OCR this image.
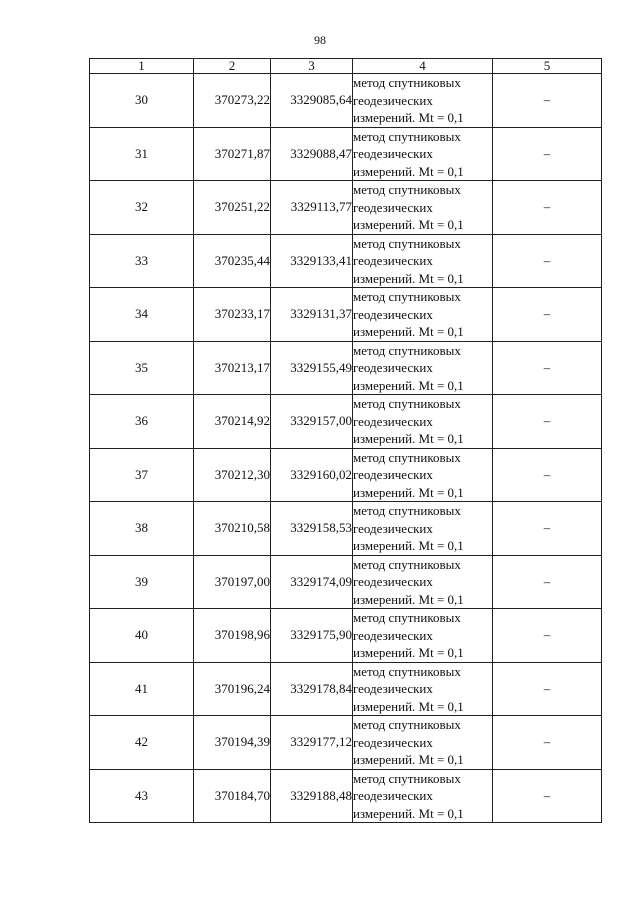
98
1	2	3	4	5
30	370273,22	3329085,64	метод спутниковых
геодезических
измерений. Mt = 0,1	–
31	370271,87	3329088,47	метод спутниковых
геодезических
измерений. Mt = 0,1	–
32	370251,22	3329113,77	метод спутниковых
геодезических
измерений. Mt = 0,1	–
33	370235,44	3329133,41	метод спутниковых
геодезических
измерений. Mt = 0,1	–
34	370233,17	3329131,37	метод спутниковых
геодезических
измерений. Mt = 0,1	–
35	370213,17	3329155,49	метод спутниковых
геодезических
измерений. Mt = 0,1	–
36	370214,92	3329157,00	метод спутниковых
геодезических
измерений. Mt = 0,1	–
37	370212,30	3329160,02	метод спутниковых
геодезических
измерений. Mt = 0,1	–
38	370210,58	3329158,53	метод спутниковых
геодезических
измерений. Mt = 0,1	–
39	370197,00	3329174,09	метод спутниковых
геодезических
измерений. Mt = 0,1	–
40	370198,96	3329175,90	метод спутниковых
геодезических
измерений. Mt = 0,1	–
41	370196,24	3329178,84	метод спутниковых
геодезических
измерений. Mt = 0,1	–
42	370194,39	3329177,12	метод спутниковых
геодезических
измерений. Mt = 0,1	–
43	370184,70	3329188,48	метод спутниковых
геодезических
измерений. Mt = 0,1	–
